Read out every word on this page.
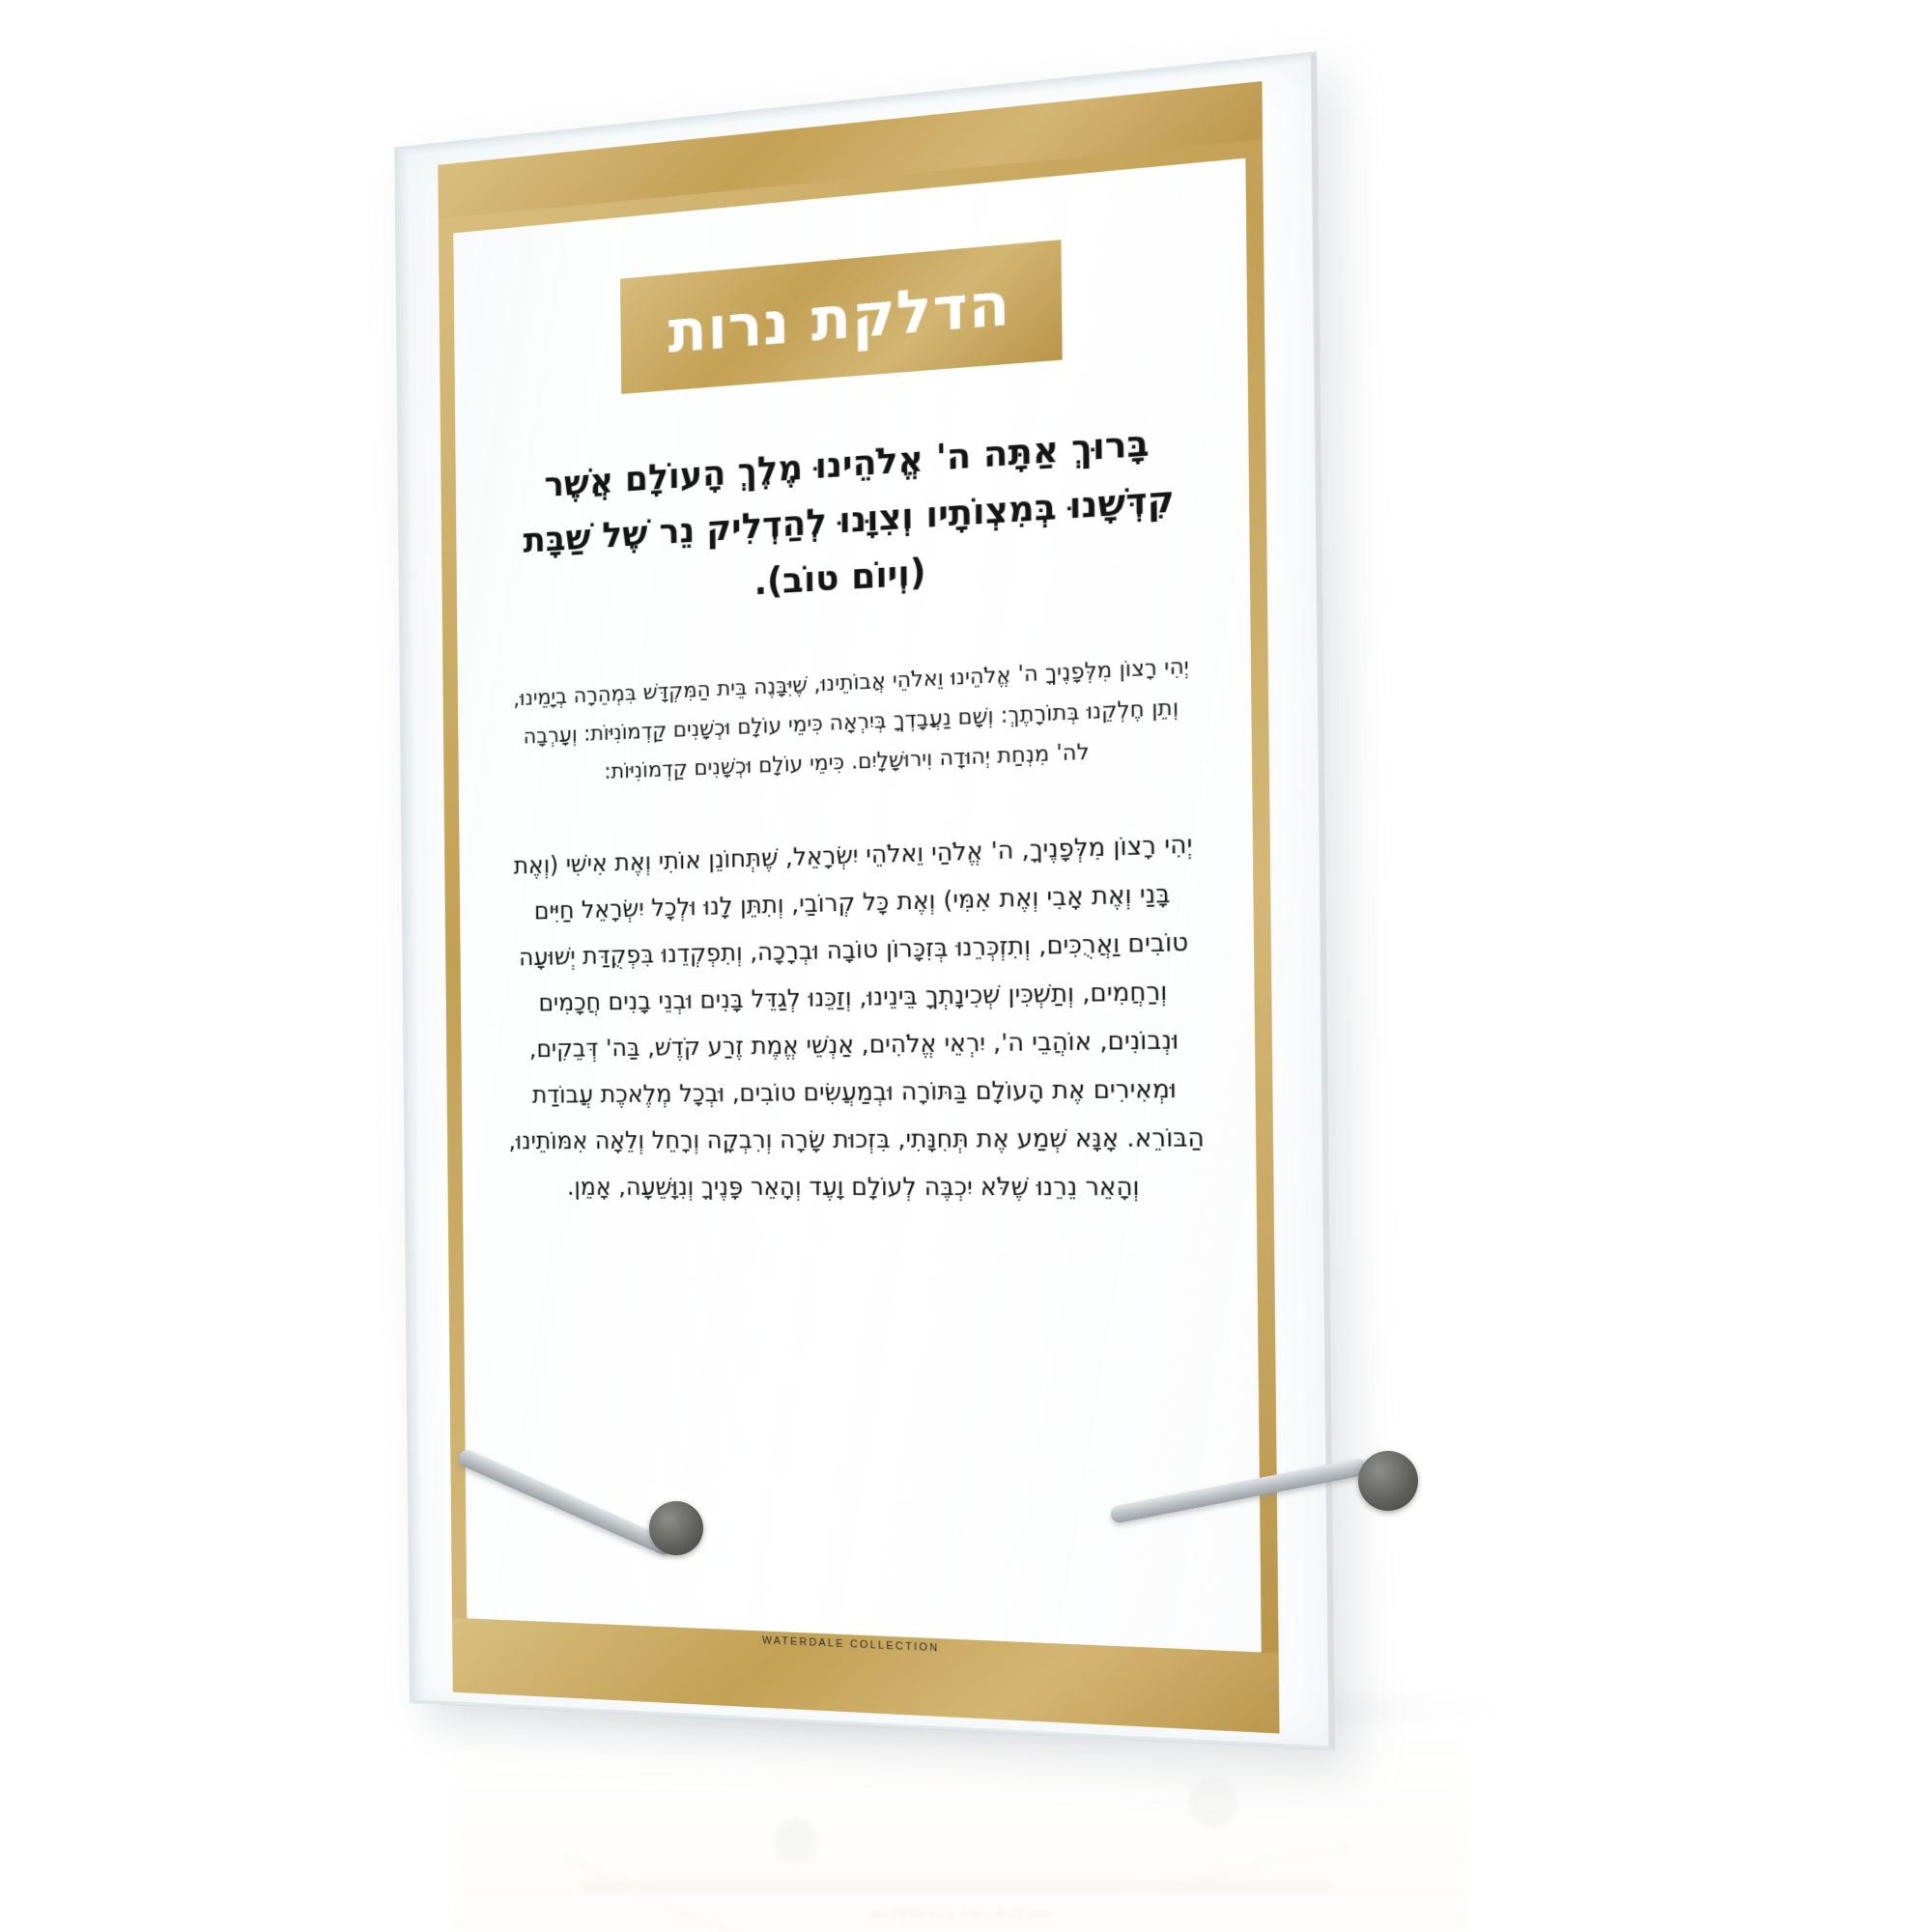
הדלקת נרות
בָּרוּךְ אַתָּה ה' אֱלֹהֵינוּ מֶלֶךְ הָעוֹלָם אֲשֶׁר קִדְּשָׁנוּ בְּמִצְוֹתָיו וְצִוָּנוּ לְהַדְלִיק נֵר שֶׁל שַׁבָּת (וְיוֹם טוֹב).
יְהִי רָצוֹן מִלְּפָנֶיךָ ה' אֱלֹהֵינוּ וֵאלֹהֵי אֲבוֹתֵינוּ, שֶׁיִּבָּנֶה בֵּית הַמִּקְדָּשׁ בִּמְהֵרָה בְיָמֵינוּ, וְתֵן חֶלְקֵנוּ בְּתוֹרָתֶךְ: וְשָׁם נַעֲבָדְךָ בְּיִרְאָה כִּימֵי עוֹלָם וּכְשָׁנִים קַדְמוֹנִיּוֹת: וְעָרְבָה לה' מִנְחַת יְהוּדָה וִירוּשָׁלָיִם. כִּימֵי עוֹלָם וּכְשָׁנִים קַדְמוֹנִיּוֹת:
יְהִי רָצוֹן מִלְּפָנֶיךָ, ה' אֱלֹהַי וֵאלֹהֵי יִשְׂרָאֵל, שֶׁתְּחוֹנֵן אוֹתִי וְאֶת אִישִׁי (וְאֶת בָּנַי וְאֶת אָבִי וְאֶת אִמִּי) וְאֶת כָּל קְרוֹבַי, וְתִתֵּן לָנוּ וּלְכָל יִשְׂרָאֵל חַיִּים טוֹבִים וַאֲרֻכִּים, וְתִזְכְּרֵנוּ בְּזִכָּרוֹן טוֹבָה וּבְרָכָה, וְתִפְקְדֵנוּ בִּפְקֻדַּת יְשׁוּעָה וְרַחֲמִים, וְתַשְׁכִּין שְׁכִינָתְךָ בֵּינֵינוּ, וְזַכֵּנוּ לְגַדֵּל בָּנִים וּבְנֵי בָנִים חֲכָמִים וּנְבוֹנִים, אוֹהֲבֵי ה', יִרְאֵי אֱלֹהִים, אַנְשֵׁי אֱמֶת זֶרַע קֹדֶשׁ, בַּה' דְּבֵקִים, וּמְאִירִים אֶת הָעוֹלָם בַּתּוֹרָה וּבְמַעֲשִׂים טוֹבִים, וּבְכָל מְלֶאכֶת עֲבוֹדַת הַבּוֹרֵא. אָנָּא שְׁמַע אֶת תְּחִנָּתִי, בִּזְכוּת שָׂרָה וְרִבְקָה וְרָחֵל וְלֵאָה אִמּוֹתֵינוּ, וְהָאֵר נֵרֵנוּ שֶׁלֹּא יִכְבֶּה לְעוֹלָם וָעֶד וְהָאֵר פָּנֶיךָ וְנִוָּשֵׁעָה, אָמֵן.
WATERDALE COLLECTION
WATERDALE COLLECTION
